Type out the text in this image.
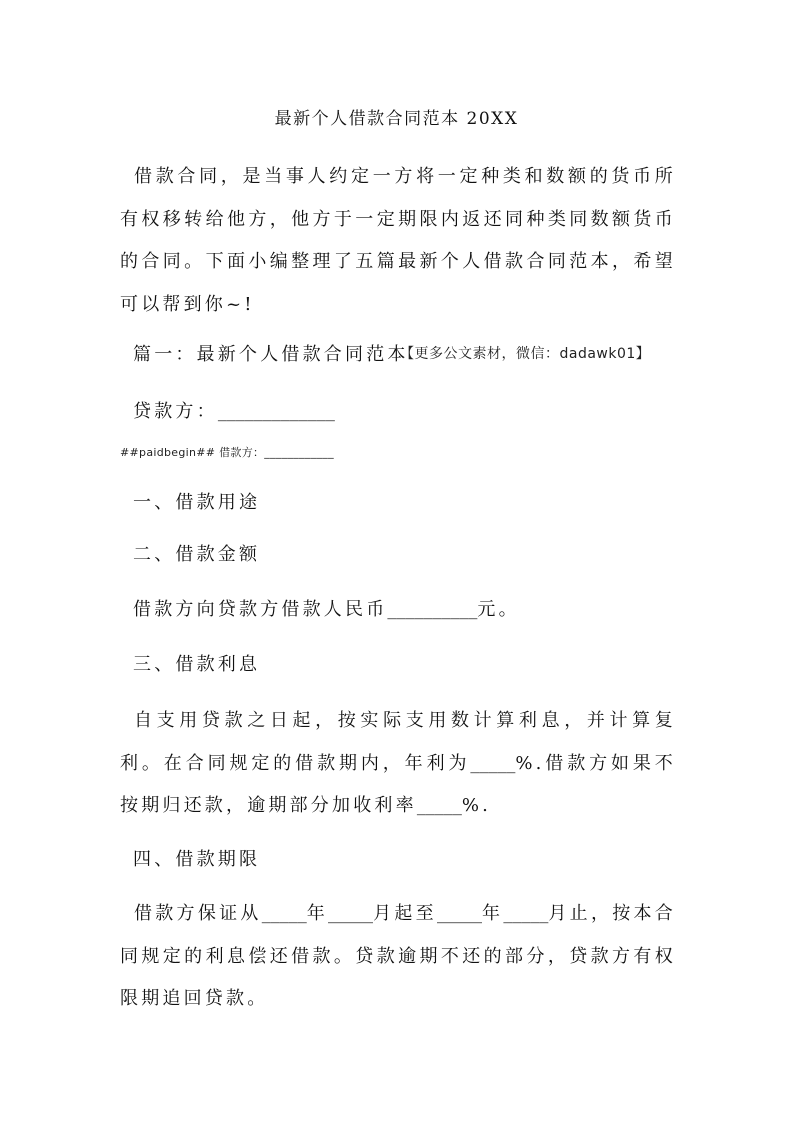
最新个人借款合同范本 20XX

借款合同，是当事人约定一方将一定种类和数额的货币所有权移转给他方，他方于一定期限内返还同种类同数额货币的合同。下面小编整理了五篇最新个人借款合同范本，希望可以帮到你~!

篇一：最新个人借款合同范本
【更多公文素材，微信：dadawk01】
贷款方：_____________
##paidbegin## 借款方：____________
一、借款用途
二、借款金额
借款方向贷款方借款人民币__________元。
三、借款利息

自支用贷款之日起，按实际支用数计算利息，并计算复利。在合同规定的借款期内，年利为_____%.借款方如果不按期归还款，逾期部分加收利率_____%.

四、借款期限

借款方保证从_____年_____月起至_____年_____月止，按本合同规定的利息偿还借款。贷款逾期不还的部分，贷款方有权限期追回贷款。
